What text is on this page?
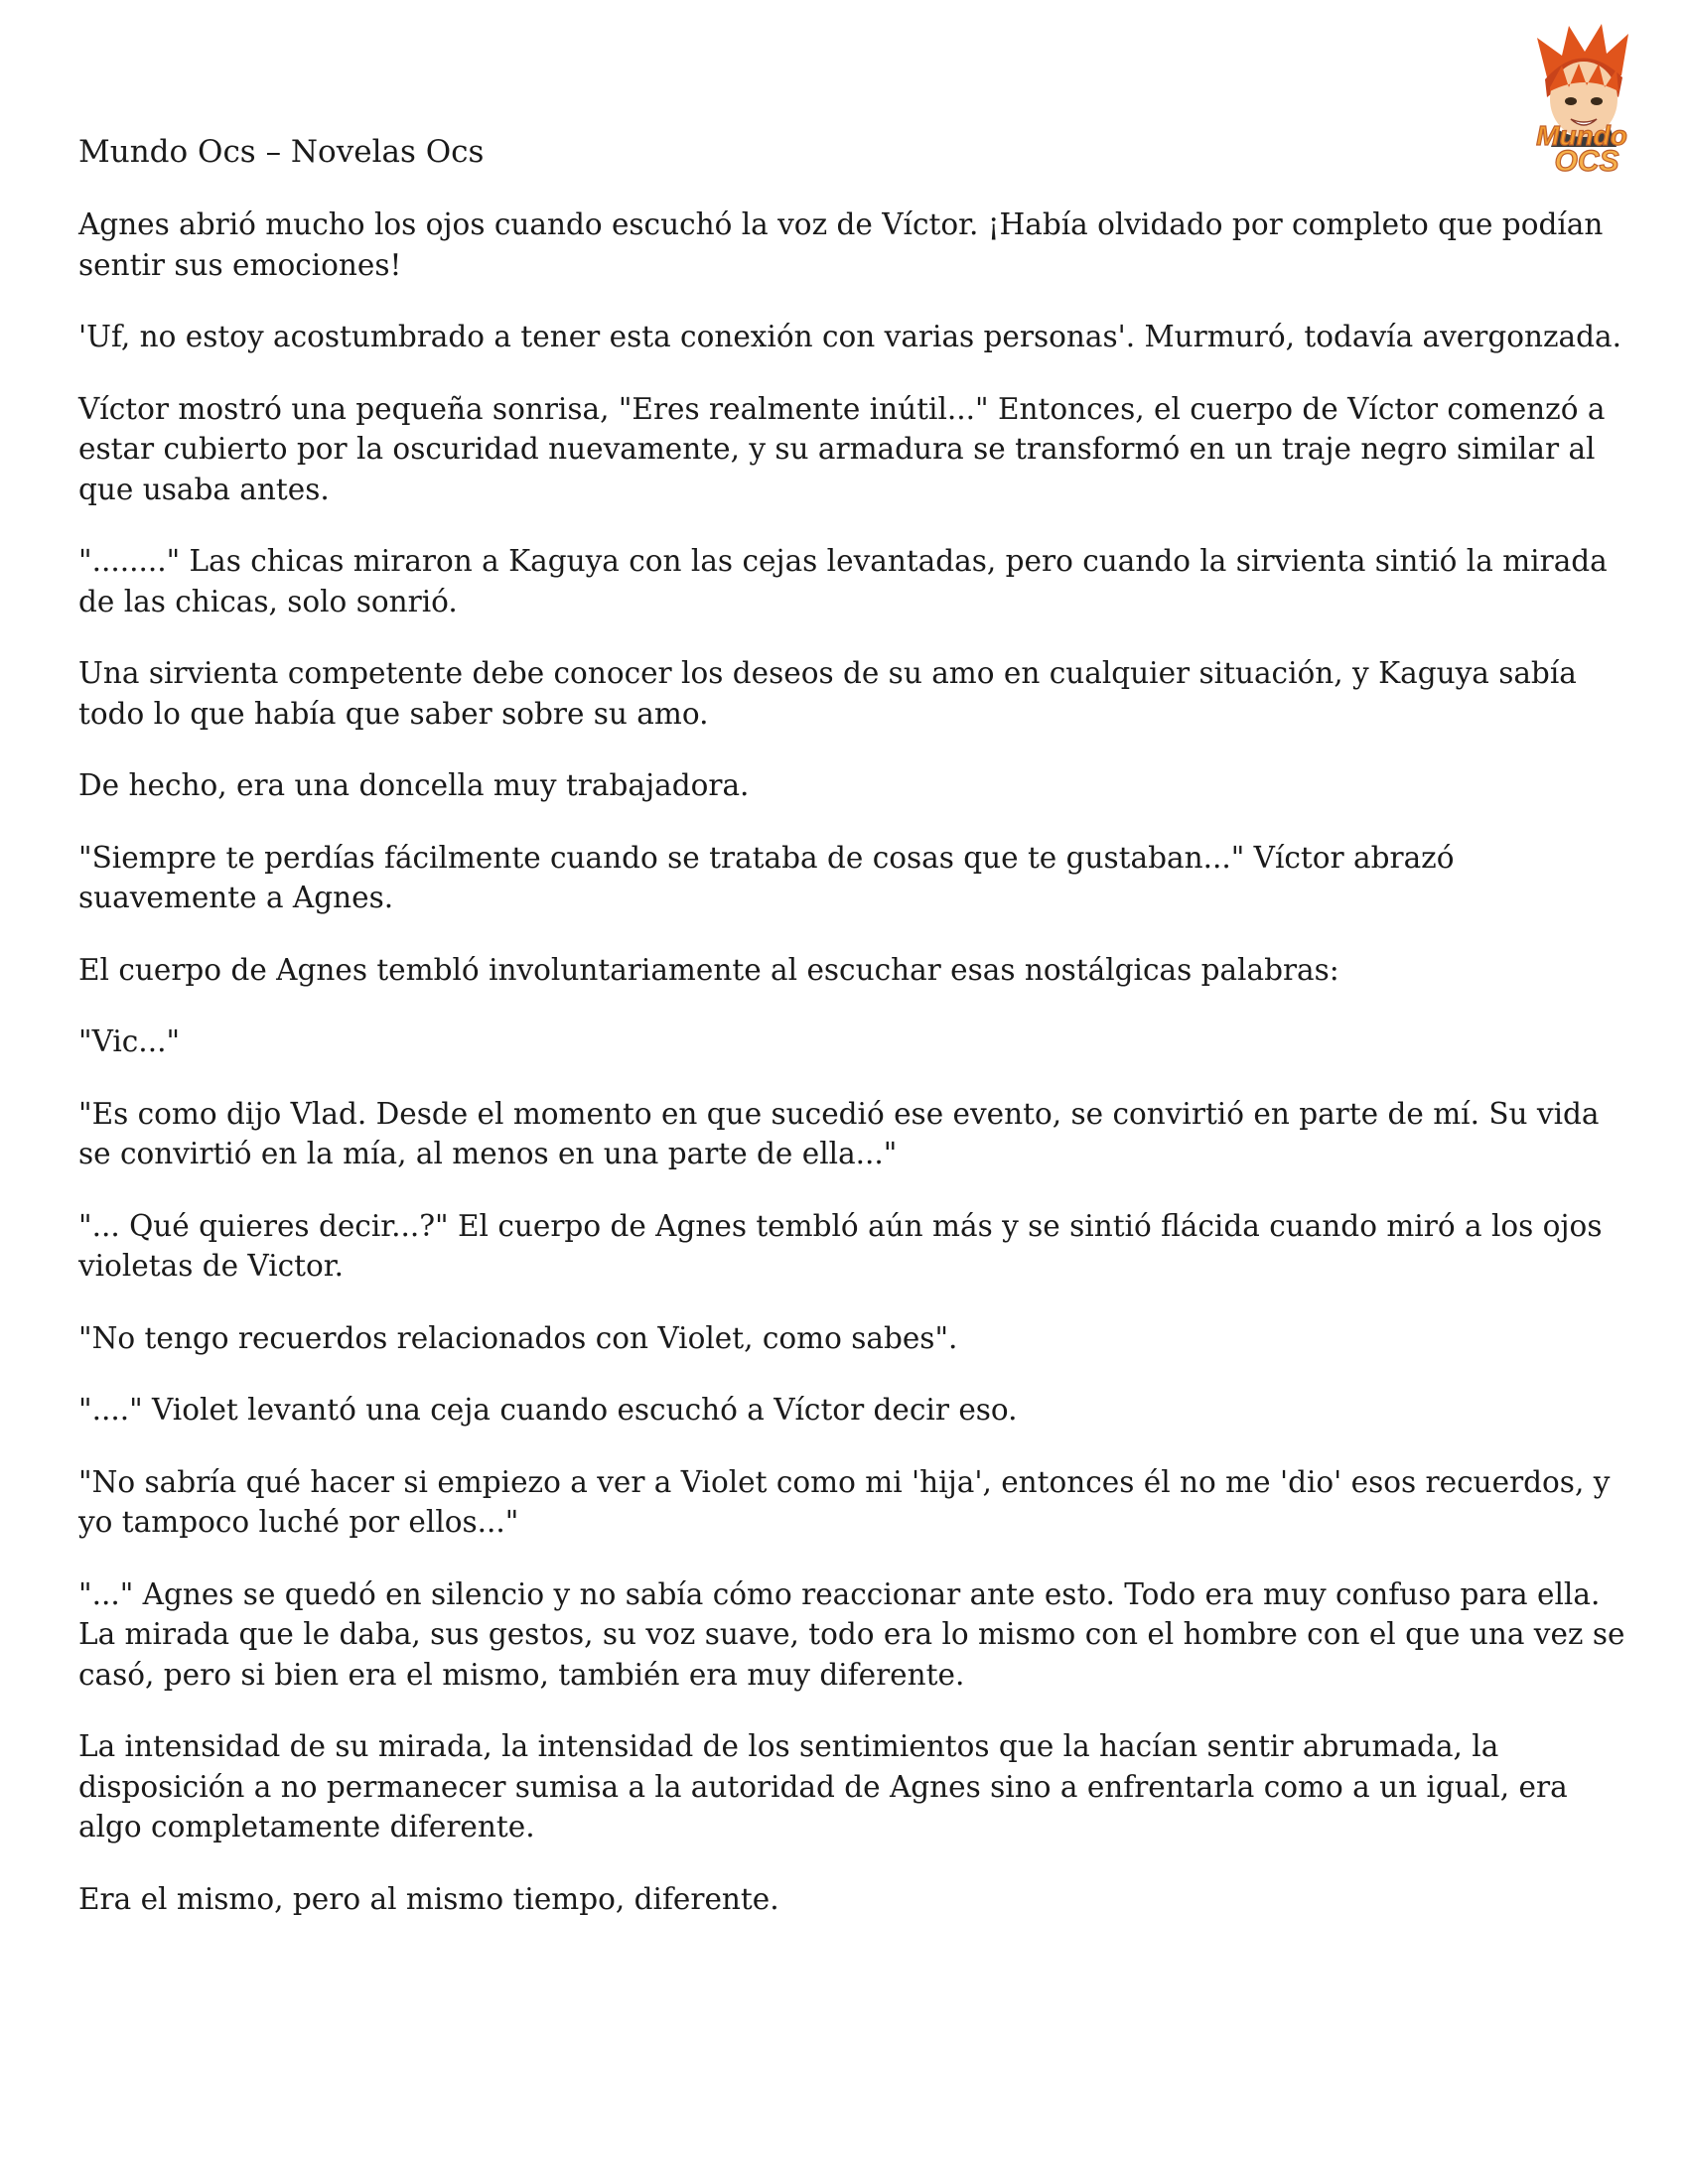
Mundo Ocs – Novelas Ocs	Mundo
OCS

Agnes abrió mucho los ojos cuando escuchó la voz de Víctor. ¡Había olvidado por completo que podían sentir sus emociones!

'Uf, no estoy acostumbrado a tener esta conexión con varias personas'. Murmuró, todavía avergonzada.

Víctor mostró una pequeña sonrisa, "Eres realmente inútil..." Entonces, el cuerpo de Víctor comenzó a estar cubierto por la oscuridad nuevamente, y su armadura se transformó en un traje negro similar al que usaba antes.

"........" Las chicas miraron a Kaguya con las cejas levantadas, pero cuando la sirvienta sintió la mirada de las chicas, solo sonrió.

Una sirvienta competente debe conocer los deseos de su amo en cualquier situación, y Kaguya sabía todo lo que había que saber sobre su amo.

De hecho, era una doncella muy trabajadora.

"Siempre te perdías fácilmente cuando se trataba de cosas que te gustaban..." Víctor abrazó suavemente a Agnes.

El cuerpo de Agnes tembló involuntariamente al escuchar esas nostálgicas palabras:

"Vic..."

"Es como dijo Vlad. Desde el momento en que sucedió ese evento, se convirtió en parte de mí. Su vida se convirtió en la mía, al menos en una parte de ella..."

"... Qué quieres decir...?" El cuerpo de Agnes tembló aún más y se sintió flácida cuando miró a los ojos violetas de Victor.

"No tengo recuerdos relacionados con Violet, como sabes".

"...." Violet levantó una ceja cuando escuchó a Víctor decir eso.

"No sabría qué hacer si empiezo a ver a Violet como mi 'hija', entonces él no me 'dio' esos recuerdos, y yo tampoco luché por ellos..."

"..." Agnes se quedó en silencio y no sabía cómo reaccionar ante esto. Todo era muy confuso para ella. La mirada que le daba, sus gestos, su voz suave, todo era lo mismo con el hombre con el que una vez se casó, pero si bien era el mismo, también era muy diferente.

La intensidad de su mirada, la intensidad de los sentimientos que la hacían sentir abrumada, la disposición a no permanecer sumisa a la autoridad de Agnes sino a enfrentarla como a un igual, era algo completamente diferente.

Era el mismo, pero al mismo tiempo, diferente.
